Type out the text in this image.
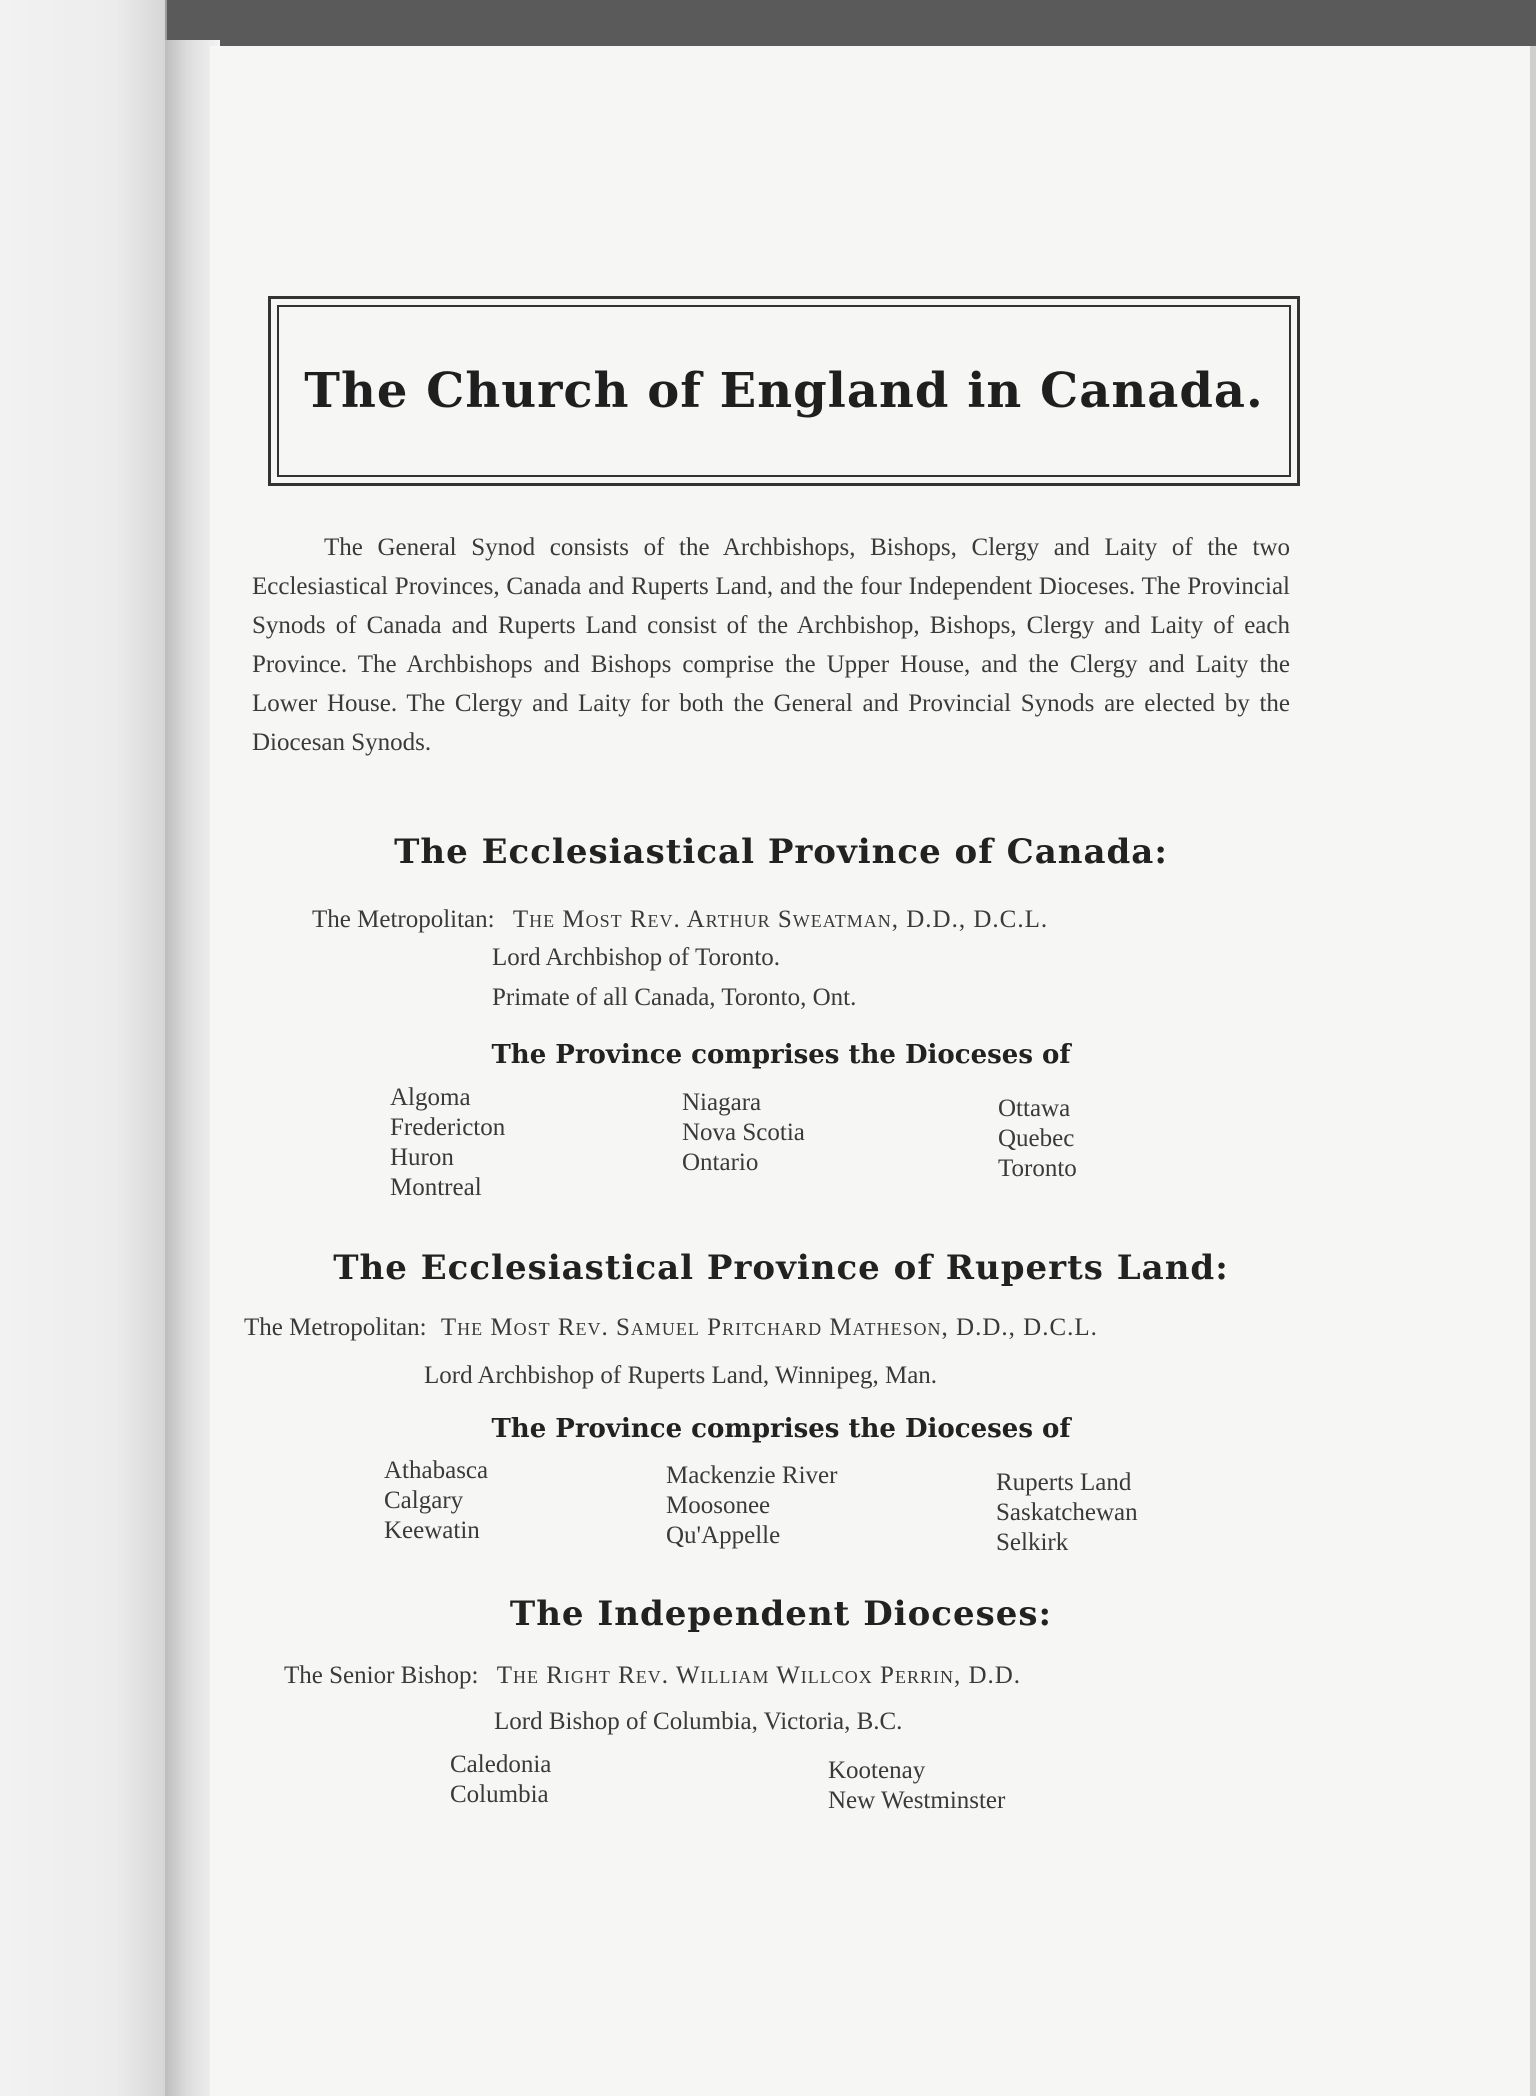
The Church of England in Canada.

The General Synod consists of the Archbishops, Bishops, Clergy and Laity of the two Ecclesiastical Provinces, Canada and Ruperts Land, and the four Independent Dioceses. The Provincial Synods of Canada and Ruperts Land consist of the Archbishop, Bishops, Clergy and Laity of each Province. The Archbishops and Bishops comprise the Upper House, and the Clergy and Laity the Lower House. The Clergy and Laity for both the General and Provincial Synods are elected by the Diocesan Synods.

The Ecclesiastical Province of Canada:
The Metropolitan: The Most Rev. Arthur Sweatman, D.D., D.C.L.
Lord Archbishop of Toronto.
Primate of all Canada, Toronto, Ont.
The Province comprises the Dioceses of
Algoma
Fredericton
Huron
Montreal
Niagara
Nova Scotia
Ontario
Ottawa
Quebec
Toronto
The Ecclesiastical Province of Ruperts Land:
The Metropolitan: The Most Rev. Samuel Pritchard Matheson, D.D., D.C.L.
Lord Archbishop of Ruperts Land, Winnipeg, Man.
The Province comprises the Dioceses of
Athabasca
Calgary
Keewatin
Mackenzie River
Moosonee
Qu'Appelle
Ruperts Land
Saskatchewan
Selkirk
The Independent Dioceses:
The Senior Bishop: The Right Rev. William Willcox Perrin, D.D.
Lord Bishop of Columbia, Victoria, B.C.
Caledonia
Columbia
Kootenay
New Westminster
